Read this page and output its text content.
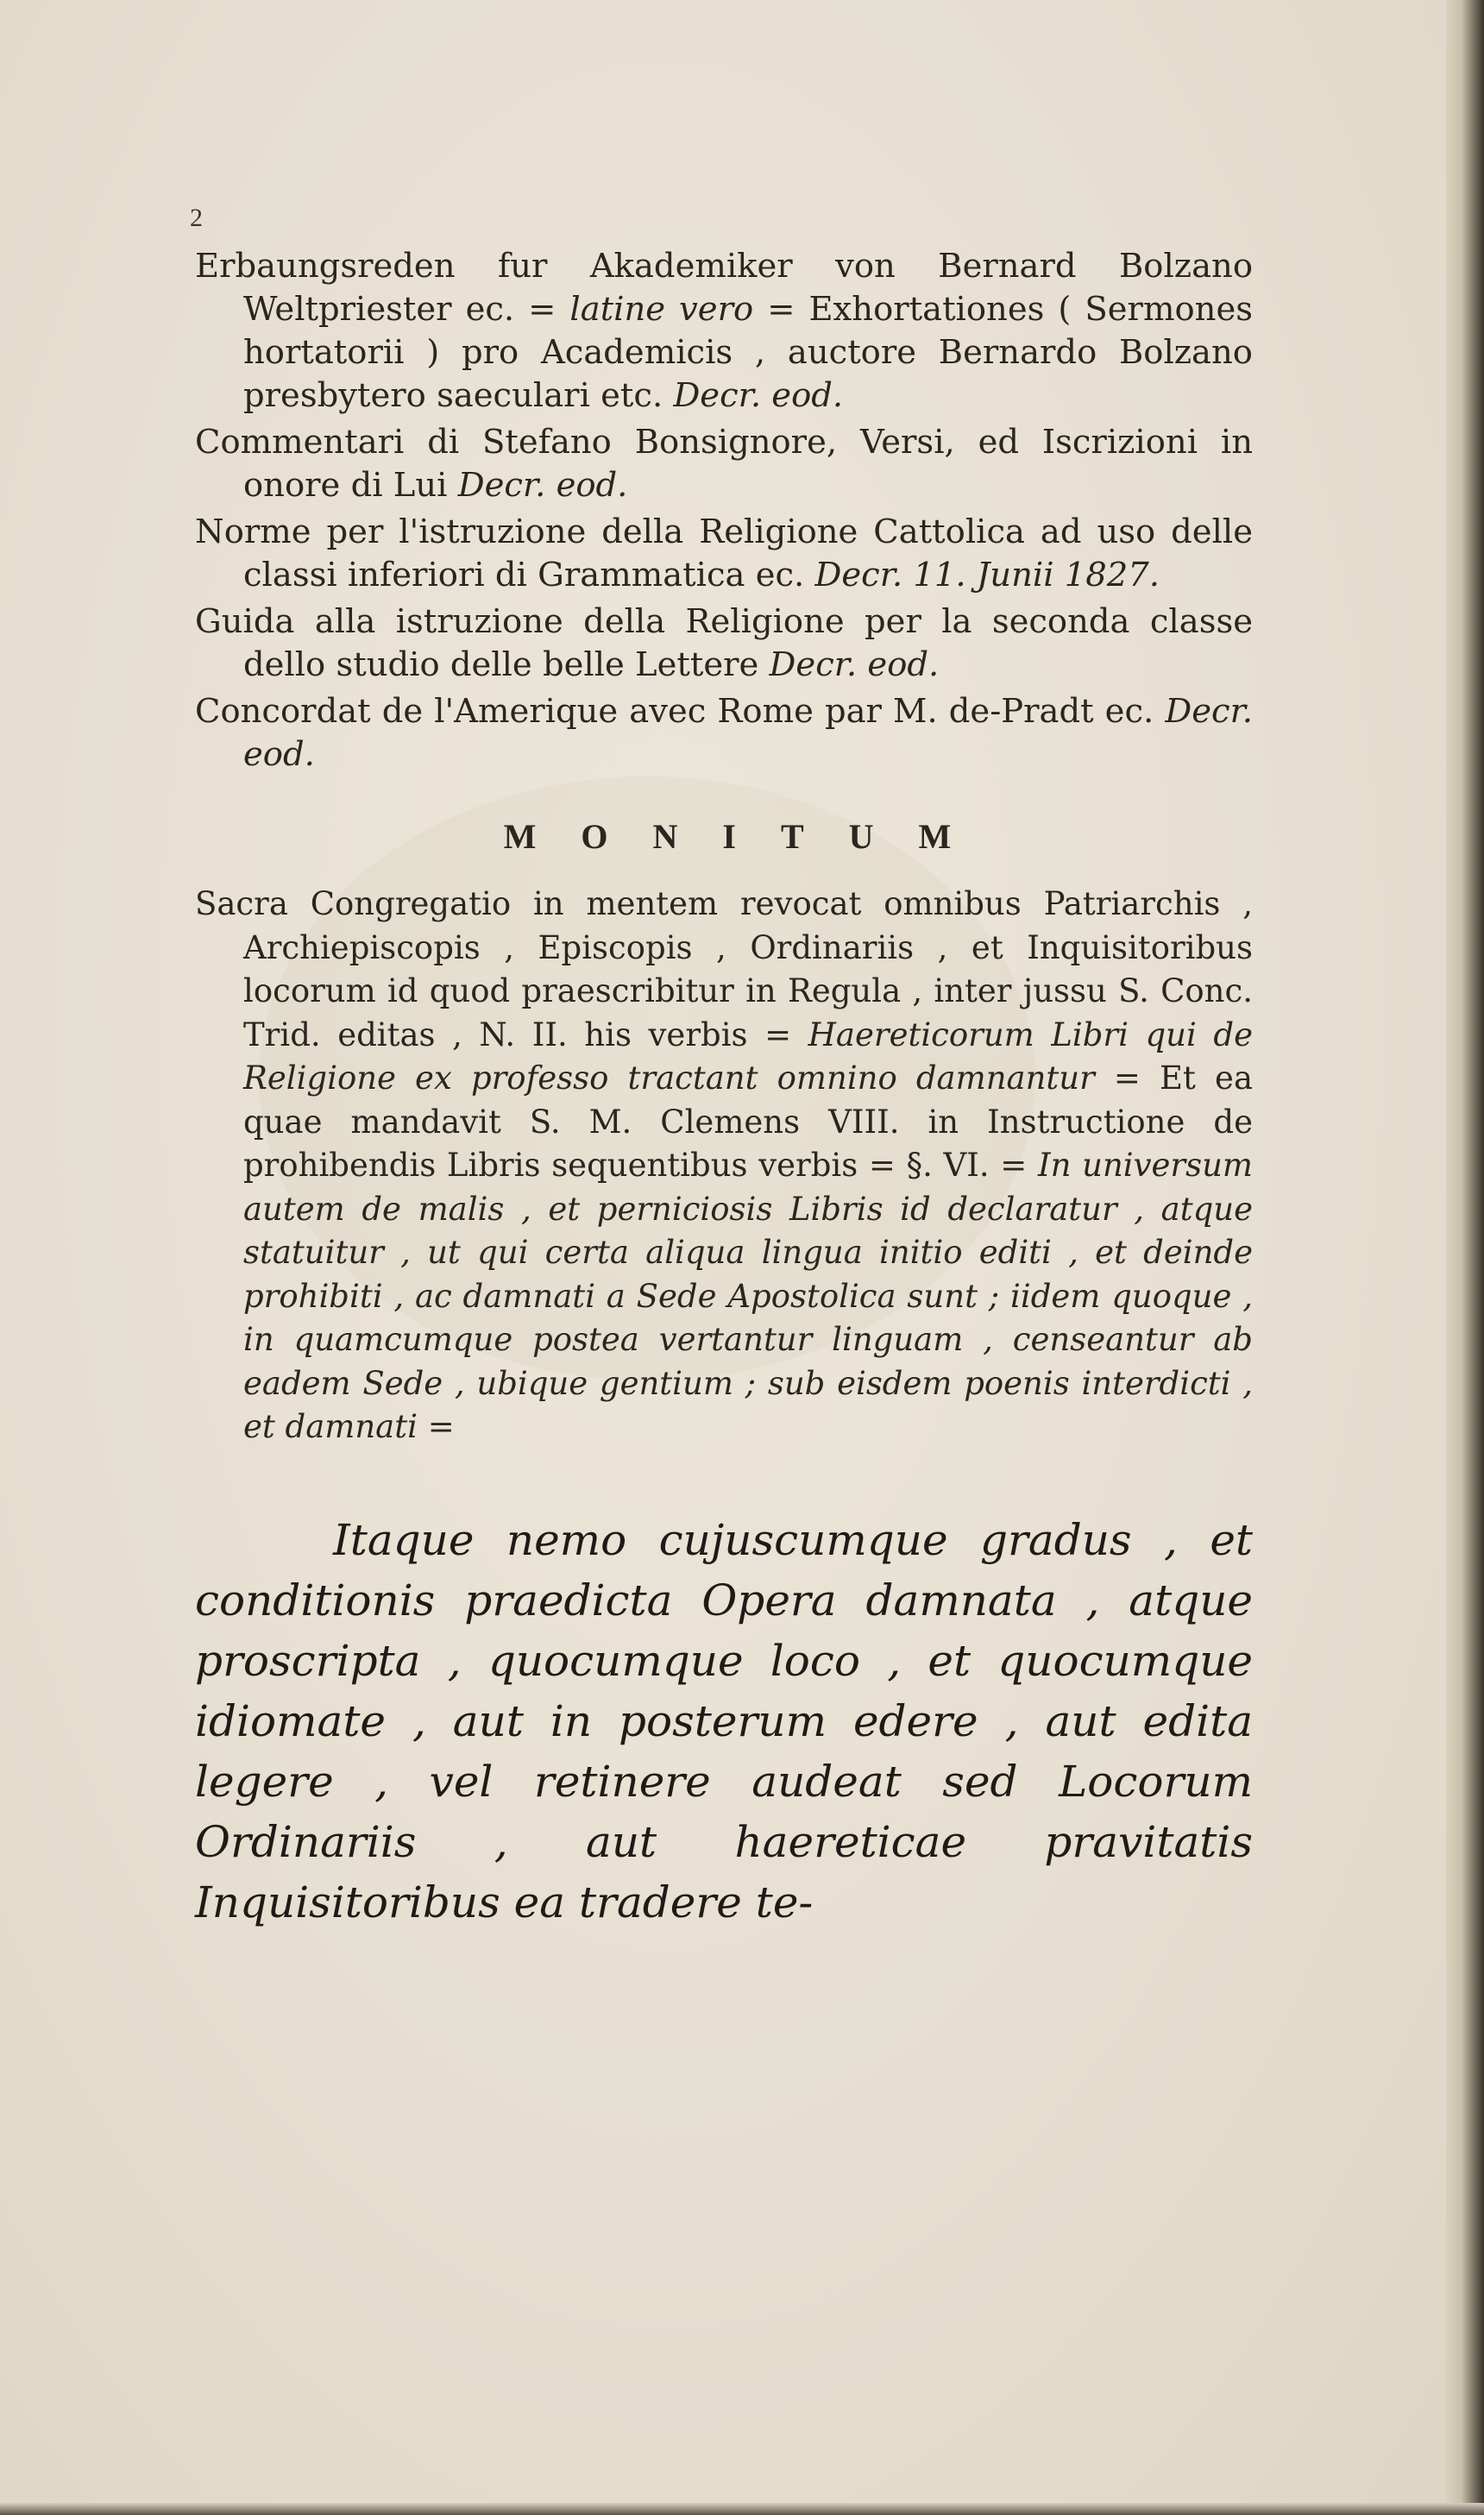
2

Erbaungsreden fur Akademiker von Bernard Bolzano Weltpriester ec. = latine vero = Exhortationes ( Sermones hortatorii ) pro Academicis , auctore Bernardo Bolzano presbytero saeculari etc. Decr. eod.

Commentari di Stefano Bonsignore, Versi, ed Iscrizioni in onore di Lui Decr. eod.

Norme per l'istruzione della Religione Cattolica ad uso delle classi inferiori di Grammatica ec. Decr. 11. Junii 1827.

Guida alla istruzione della Religione per la seconda classe dello studio delle belle Lettere Decr. eod.

Concordat de l'Amerique avec Rome par M. de-Pradt ec. Decr. eod.

MONITUM

Sacra Congregatio in mentem revocat omnibus Patriarchis , Archiepiscopis , Episcopis , Ordinariis , et Inquisitoribus locorum id quod praescribitur in Regula , inter jussu S. Conc. Trid. editas , N. II. his verbis = Haereticorum Libri qui de Religione ex professo tractant omnino damnantur = Et ea quae mandavit S. M. Clemens VIII. in Instructione de prohibendis Libris sequentibus verbis = §. VI. = In universum autem de malis , et perniciosis Libris id declaratur , atque statuitur , ut qui certa aliqua lingua initio editi , et deinde prohibiti , ac damnati a Sede Apostolica sunt ; iidem quoque , in quamcumque postea vertantur linguam , censeantur ab eadem Sede , ubique gentium ; sub eisdem poenis interdicti , et damnati =

Itaque nemo cujuscumque gradus , et conditionis praedicta Opera damnata , atque proscripta , quocumque loco , et quocumque idiomate , aut in posterum edere , aut edita legere , vel retinere audeat sed Locorum Ordinariis , aut haereticae pravitatis Inquisitoribus ea tradere te-
